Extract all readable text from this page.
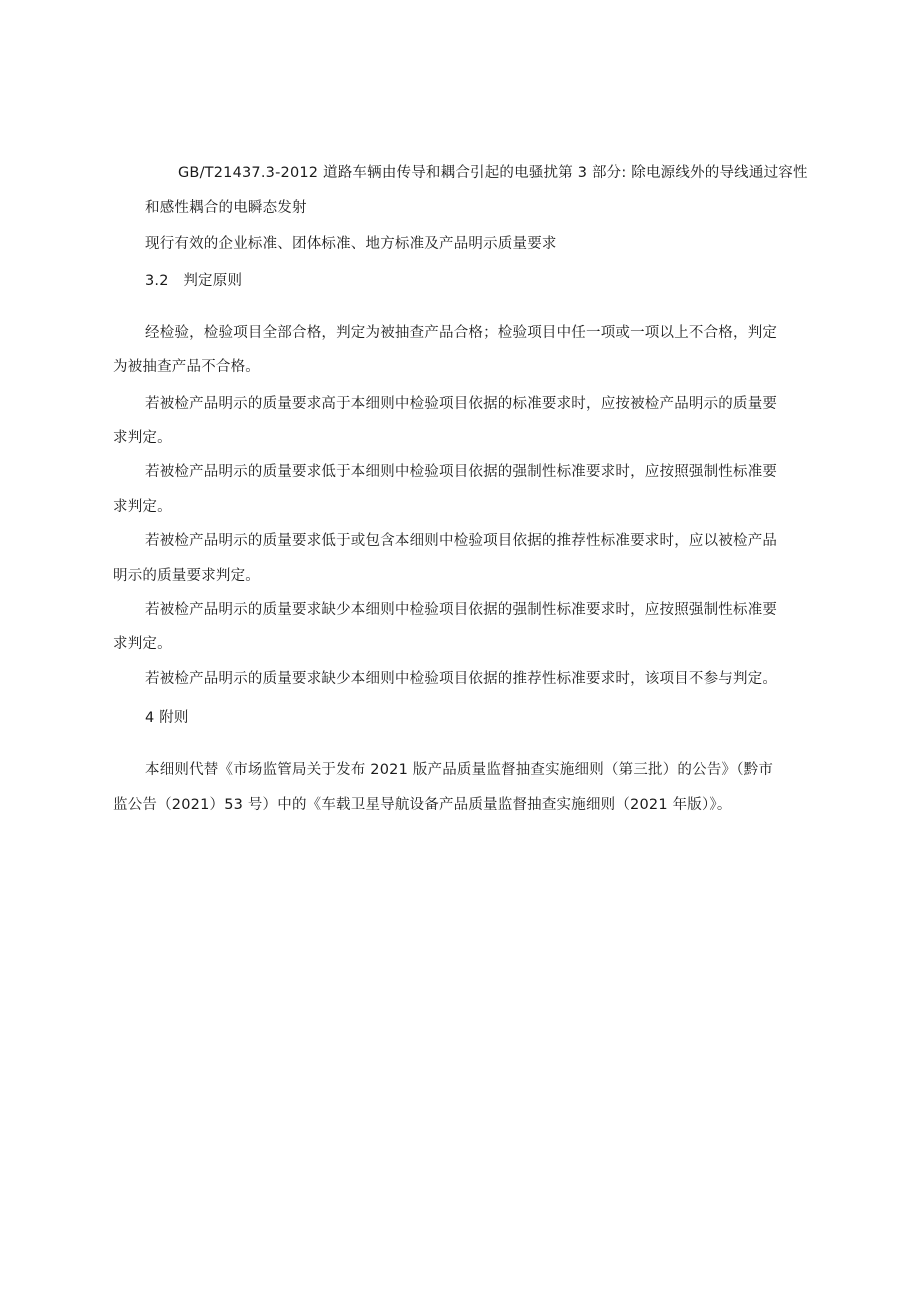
GB/T21437.3-2012 道路车辆由传导和耦合引起的电骚扰第 3 部分: 除电源线外的导线通过容性
和感性耦合的电瞬态发射
现行有效的企业标准、团体标准、地方标准及产品明示质量要求
3.2　判定原则
经检验，检验项目全部合格，判定为被抽查产品合格；检验项目中任一项或一项以上不合格，判定
为被抽查产品不合格。
若被检产品明示的质量要求高于本细则中检验项目依据的标准要求时，应按被检产品明示的质量要
求判定。
若被检产品明示的质量要求低于本细则中检验项目依据的强制性标准要求时，应按照强制性标准要
求判定。
若被检产品明示的质量要求低于或包含本细则中检验项目依据的推荐性标准要求时，应以被检产品
明示的质量要求判定。
若被检产品明示的质量要求缺少本细则中检验项目依据的强制性标准要求时，应按照强制性标准要
求判定。
若被检产品明示的质量要求缺少本细则中检验项目依据的推荐性标准要求时，该项目不参与判定。
4 附则
本细则代替《市场监管局关于发布 2021 版产品质量监督抽查实施细则（第三批）的公告》（黔市
监公告（2021）53 号）中的《车载卫星导航设备产品质量监督抽查实施细则（2021 年版）》。
